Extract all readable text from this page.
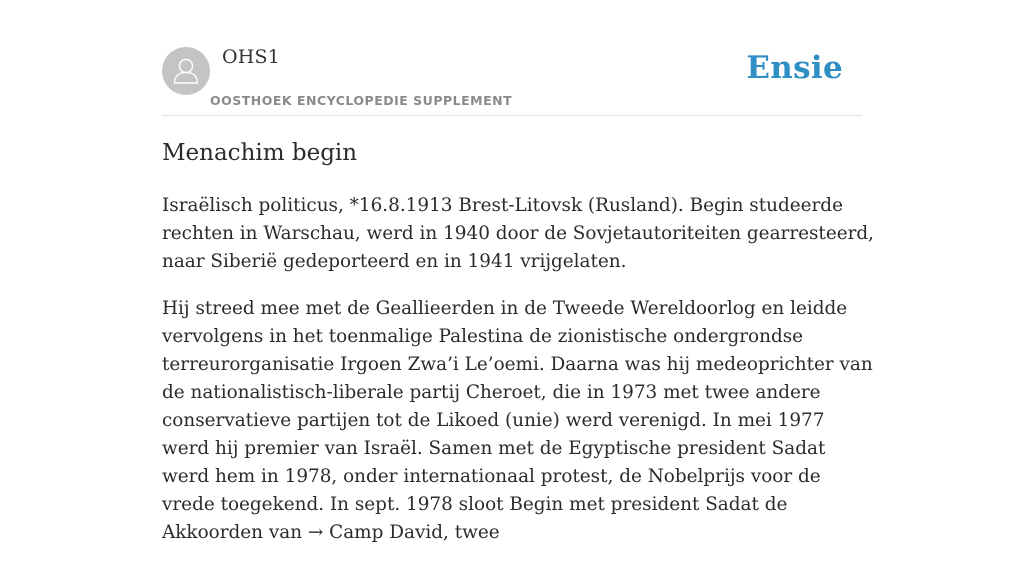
OHS1
OOSTHOEK ENCYCLOPEDIE SUPPLEMENT
Ensie
Menachim begin

Israëlisch politicus, *16.8.1913 Brest-Litovsk (Rusland). Begin studeerde rechten in Warschau, werd in 1940 door de Sovjetautoriteiten gearresteerd, naar Siberië gedeporteerd en in 1941 vrijgelaten.

Hij streed mee met de Geallieerden in de Tweede Wereldoorlog en leidde vervolgens in het toenmalige Palestina de zionistische ondergrondse terreurorganisatie Irgoen Zwa’i Le’oemi. Daarna was hij medeoprichter van de nationalistisch-liberale partij Cheroet, die in 1973 met twee andere conservatieve partijen tot de Likoed (unie) werd verenigd. In mei 1977 werd hij premier van Israël. Samen met de Egyptische president Sadat werd hem in 1978, onder internationaal protest, de Nobelprijs voor de vrede toegekend. In sept. 1978 sloot Begin met president Sadat de Akkoorden van → Camp David, twee
